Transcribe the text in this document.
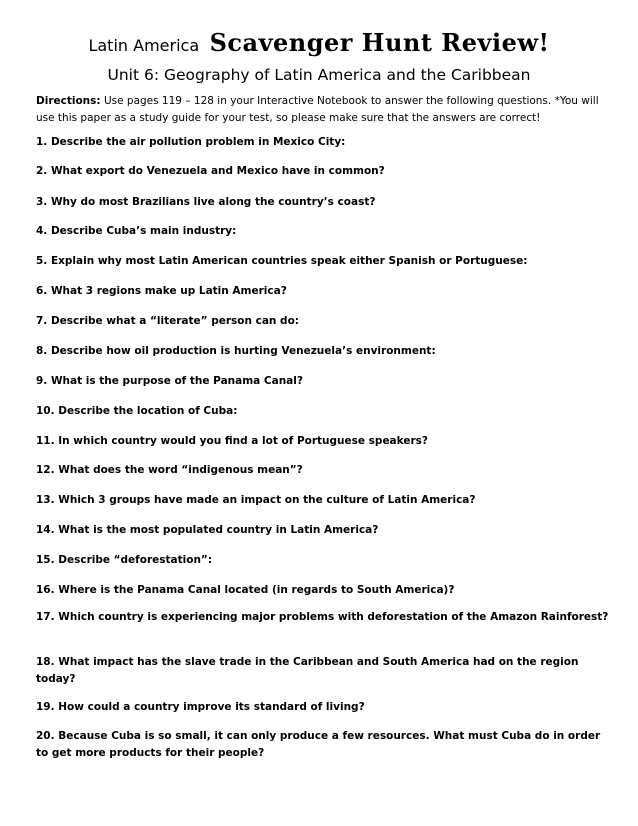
Latin America Scavenger Hunt Review!
Unit 6: Geography of Latin America and the Caribbean
Directions: Use pages 119 – 128 in your Interactive Notebook to answer the following questions. *You will use this paper as a study guide for your test, so please make sure that the answers are correct!
1. Describe the air pollution problem in Mexico City:
2. What export do Venezuela and Mexico have in common?
3. Why do most Brazilians live along the country’s coast?
4. Describe Cuba’s main industry:
5. Explain why most Latin American countries speak either Spanish or Portuguese:
6. What 3 regions make up Latin America?
7. Describe what a “literate” person can do:
8. Describe how oil production is hurting Venezuela’s environment:
9. What is the purpose of the Panama Canal?
10. Describe the location of Cuba:
11. In which country would you find a lot of Portuguese speakers?
12. What does the word “indigenous mean”?
13. Which 3 groups have made an impact on the culture of Latin America?
14. What is the most populated country in Latin America?
15. Describe “deforestation”:
16. Where is the Panama Canal located (in regards to South America)?
17. Which country is experiencing major problems with deforestation of the Amazon Rainforest?
18. What impact has the slave trade in the Caribbean and South America had on the region today?
19. How could a country improve its standard of living?
20. Because Cuba is so small, it can only produce a few resources. What must Cuba do in order to get more products for their people?
